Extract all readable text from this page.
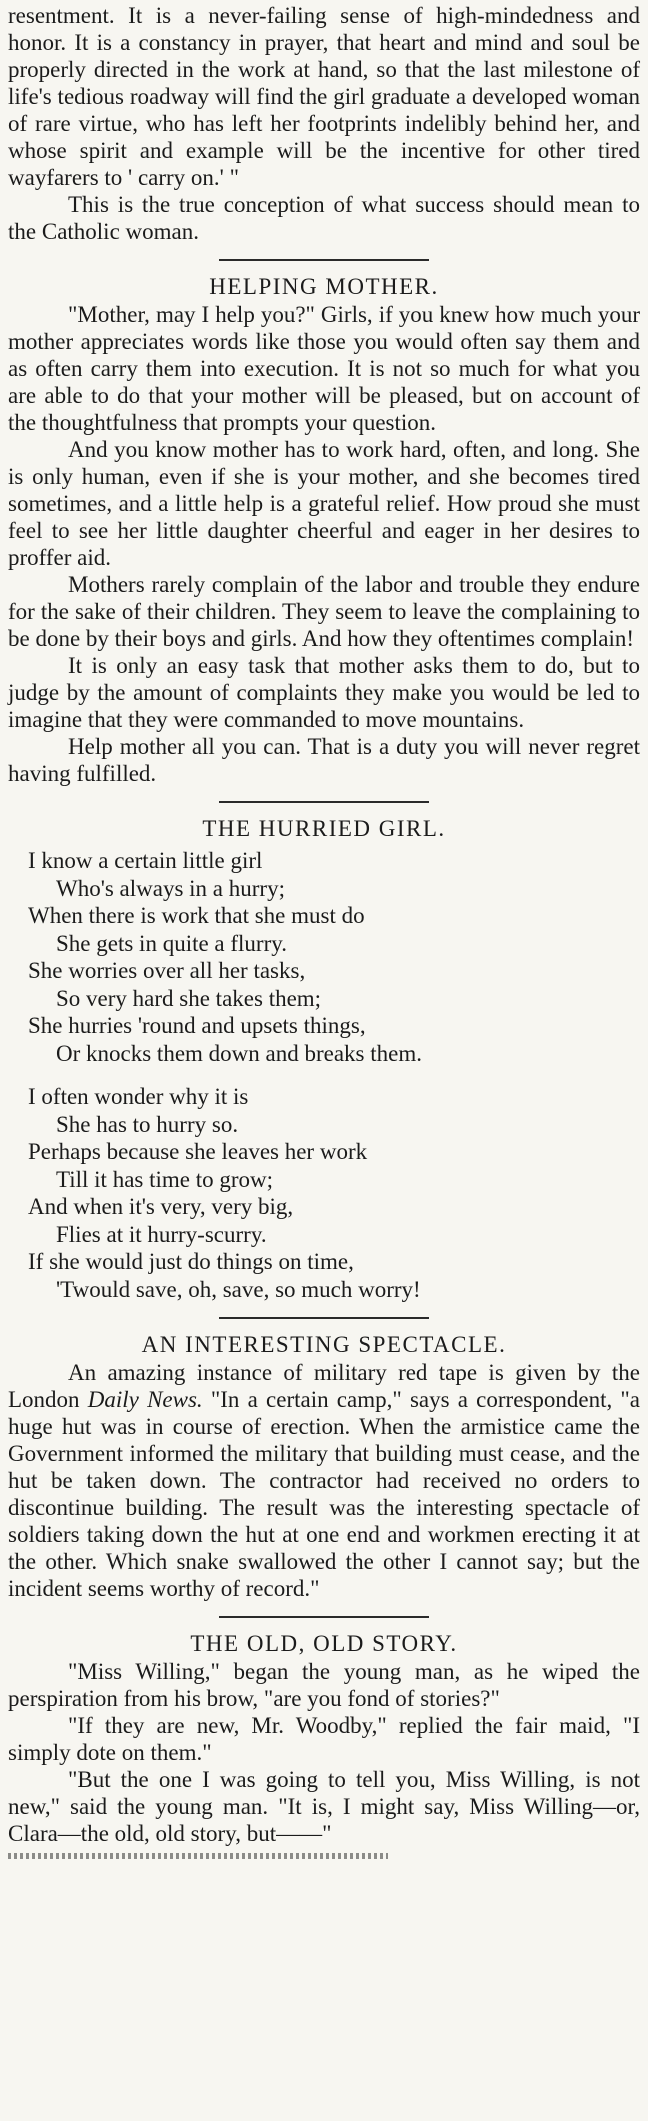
resentment. It is a never-failing sense of high-mindedness and honor. It is a constancy in prayer, that heart and mind and soul be properly directed in the work at hand, so that the last milestone of life's tedious roadway will find the girl graduate a developed woman of rare virtue, who has left her footprints indelibly behind her, and whose spirit and example will be the incentive for other tired wayfarers to ' carry on.' "

This is the true conception of what success should mean to the Catholic woman.

HELPING MOTHER.

"Mother, may I help you?" Girls, if you knew how much your mother appreciates words like those you would often say them and as often carry them into execution. It is not so much for what you are able to do that your mother will be pleased, but on account of the thoughtfulness that prompts your question.

And you know mother has to work hard, often, and long. She is only human, even if she is your mother, and she becomes tired sometimes, and a little help is a grateful relief. How proud she must feel to see her little daughter cheerful and eager in her desires to proffer aid.

Mothers rarely complain of the labor and trouble they endure for the sake of their children. They seem to leave the complaining to be done by their boys and girls. And how they oftentimes complain!

It is only an easy task that mother asks them to do, but to judge by the amount of complaints they make you would be led to imagine that they were commanded to move mountains.

Help mother all you can. That is a duty you will never regret having fulfilled.

THE HURRIED GIRL.
I know a certain little girl
Who's always in a hurry;
When there is work that she must do
She gets in quite a flurry.
She worries over all her tasks,
So very hard she takes them;
She hurries 'round and upsets things,
Or knocks them down and breaks them.
I often wonder why it is
She has to hurry so.
Perhaps because she leaves her work
Till it has time to grow;
And when it's very, very big,
Flies at it hurry-scurry.
If she would just do things on time,
'Twould save, oh, save, so much worry!
AN INTERESTING SPECTACLE.

An amazing instance of military red tape is given by the London Daily News. "In a certain camp," says a correspondent, "a huge hut was in course of erection. When the armistice came the Government informed the military that building must cease, and the hut be taken down. The contractor had received no orders to discontinue building. The result was the interesting spectacle of soldiers taking down the hut at one end and workmen erecting it at the other. Which snake swallowed the other I cannot say; but the incident seems worthy of record."

THE OLD, OLD STORY.

"Miss Willing," began the young man, as he wiped the perspiration from his brow, "are you fond of stories?"

"If they are new, Mr. Woodby," replied the fair maid, "I simply dote on them."

"But the one I was going to tell you, Miss Willing, is not new," said the young man. "It is, I might say, Miss Willing—or, Clara—the old, old story, but——"
